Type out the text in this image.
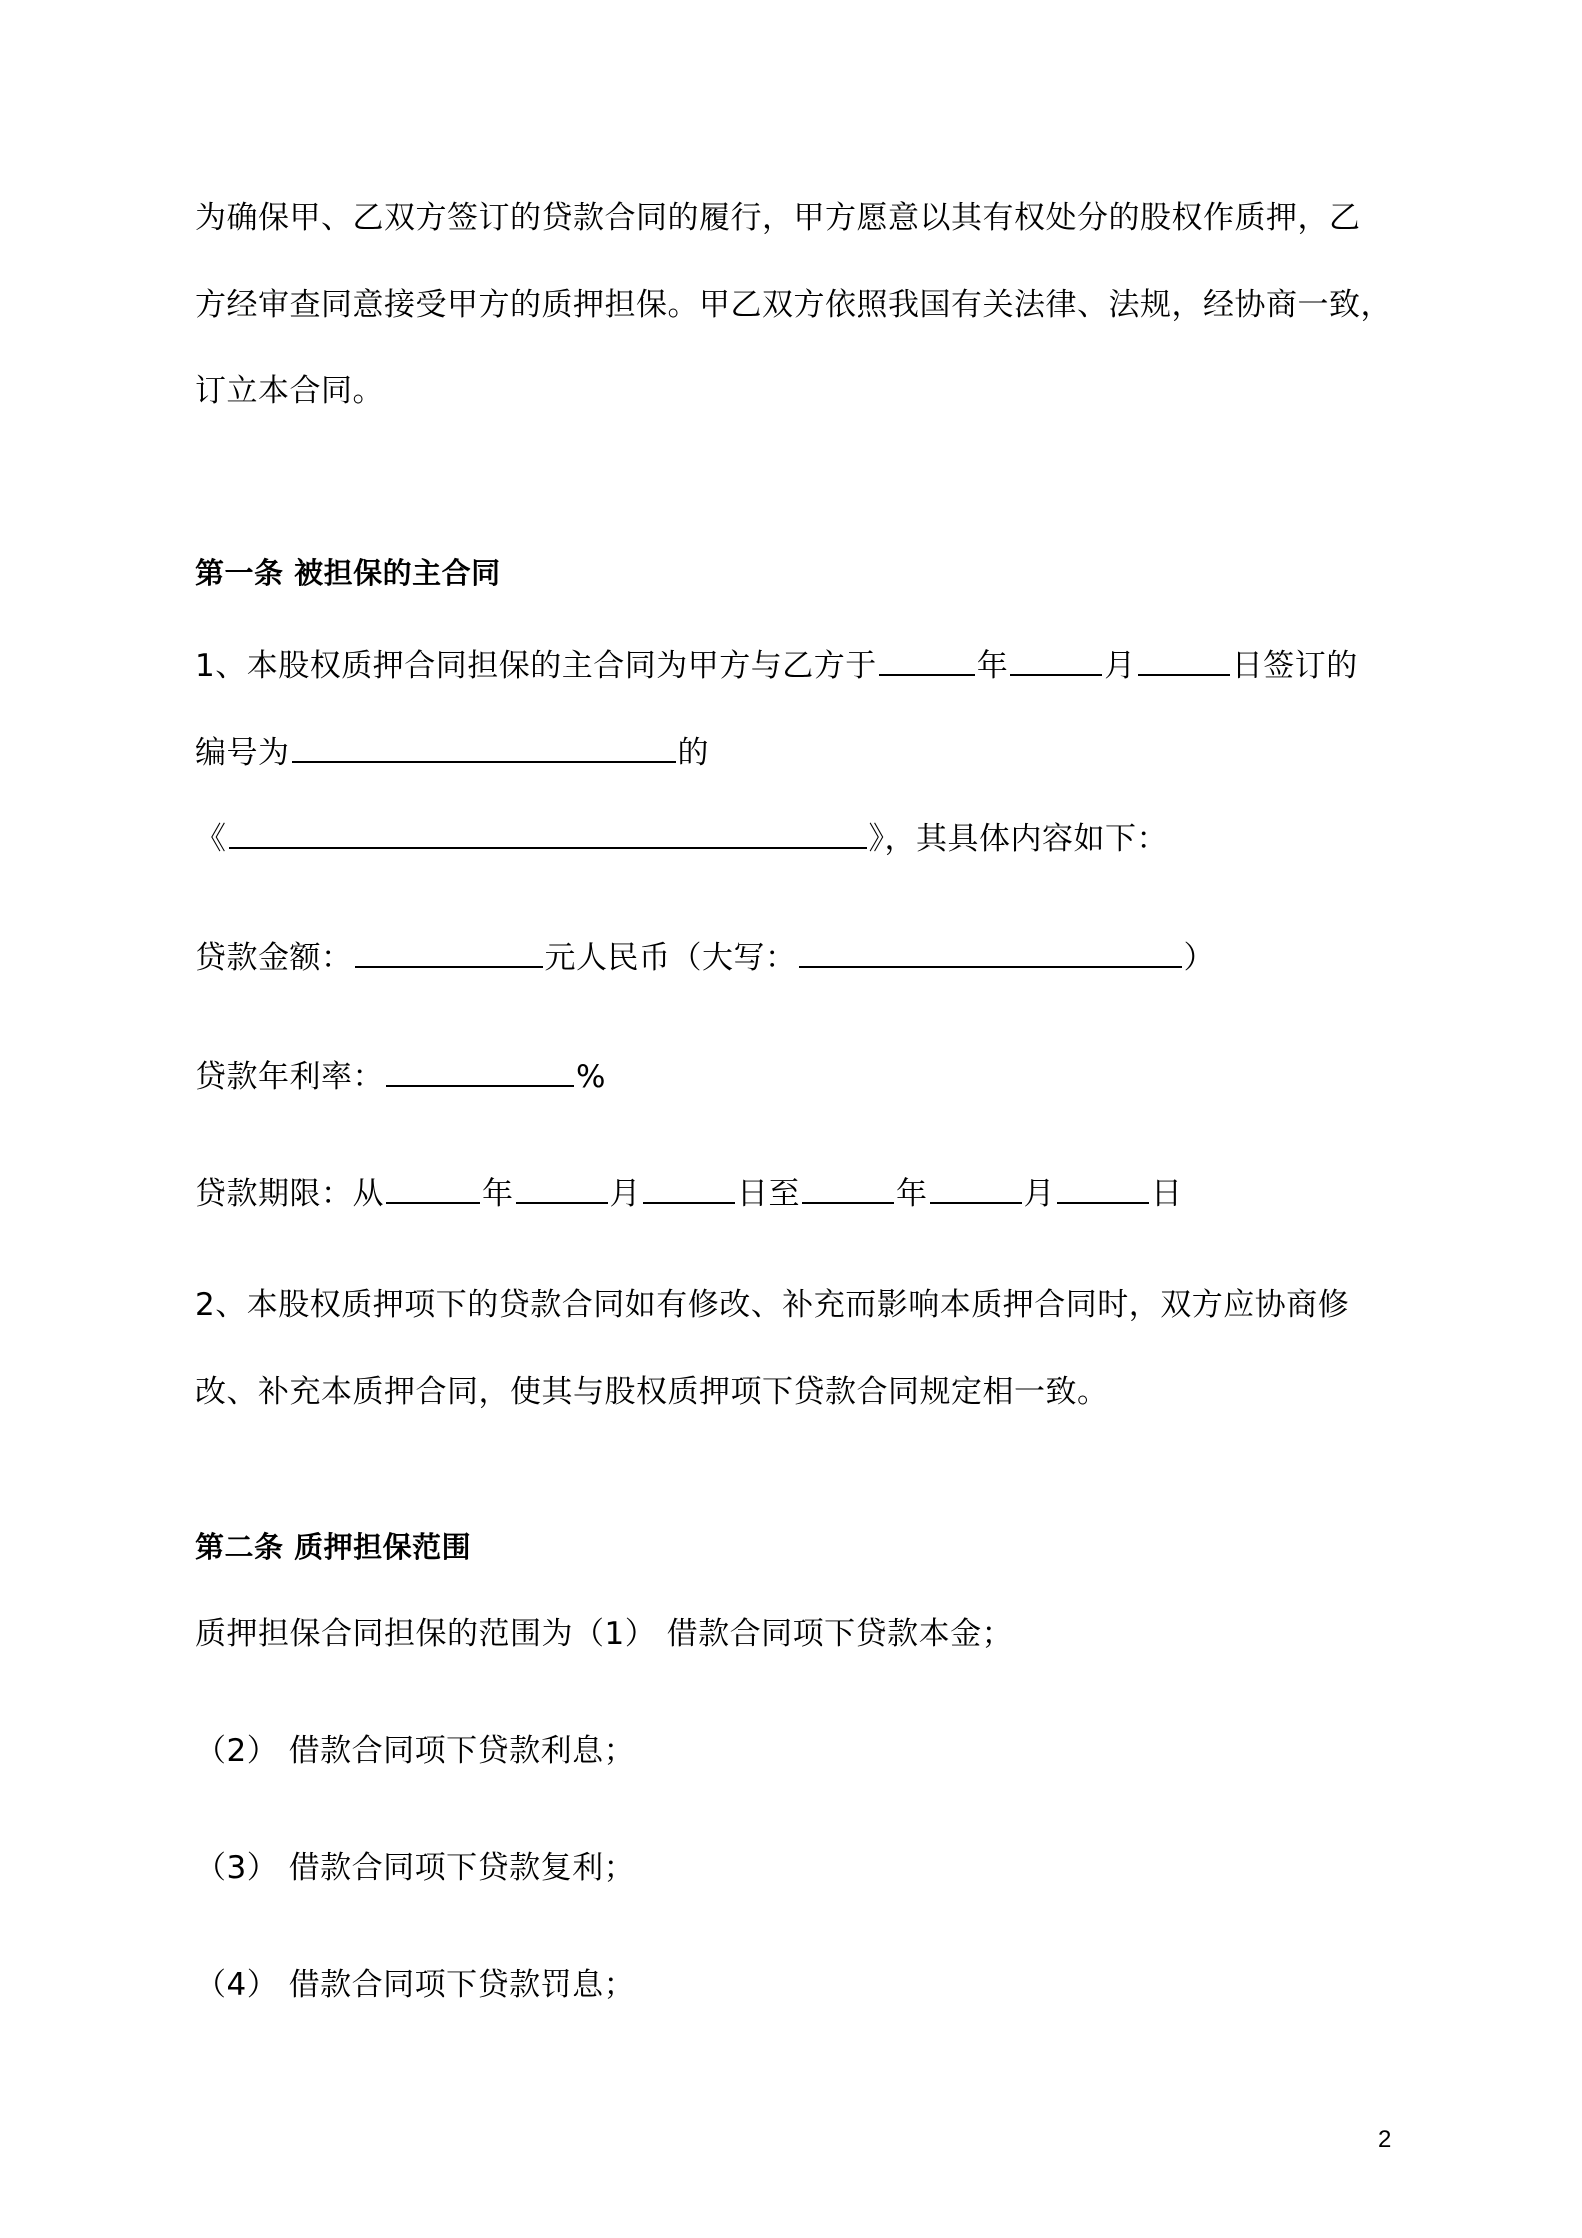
为确保甲、乙双方签订的贷款合同的履行，甲方愿意以其有权处分的股权作质押，乙
方经审查同意接受甲方的质押担保。甲乙双方依照我国有关法律、法规，经协商一致，
订立本合同。
第一条 被担保的主合同
1、本股权质押合同担保的主合同为甲方与乙方于	年	月	日签订的
编号为	的
《	》，其具体内容如下：
贷款金额：	元人民币（大写：	）
贷款年利率：	%
贷款期限：从	年	月	日至	年	月	日
2、本股权质押项下的贷款合同如有修改、补充而影响本质押合同时，双方应协商修
改、补充本质押合同，使其与股权质押项下贷款合同规定相一致。
第二条 质押担保范围
质押担保合同担保的范围为（1） 借款合同项下贷款本金；
（2） 借款合同项下贷款利息；
（3） 借款合同项下贷款复利；
（4） 借款合同项下贷款罚息；
2
